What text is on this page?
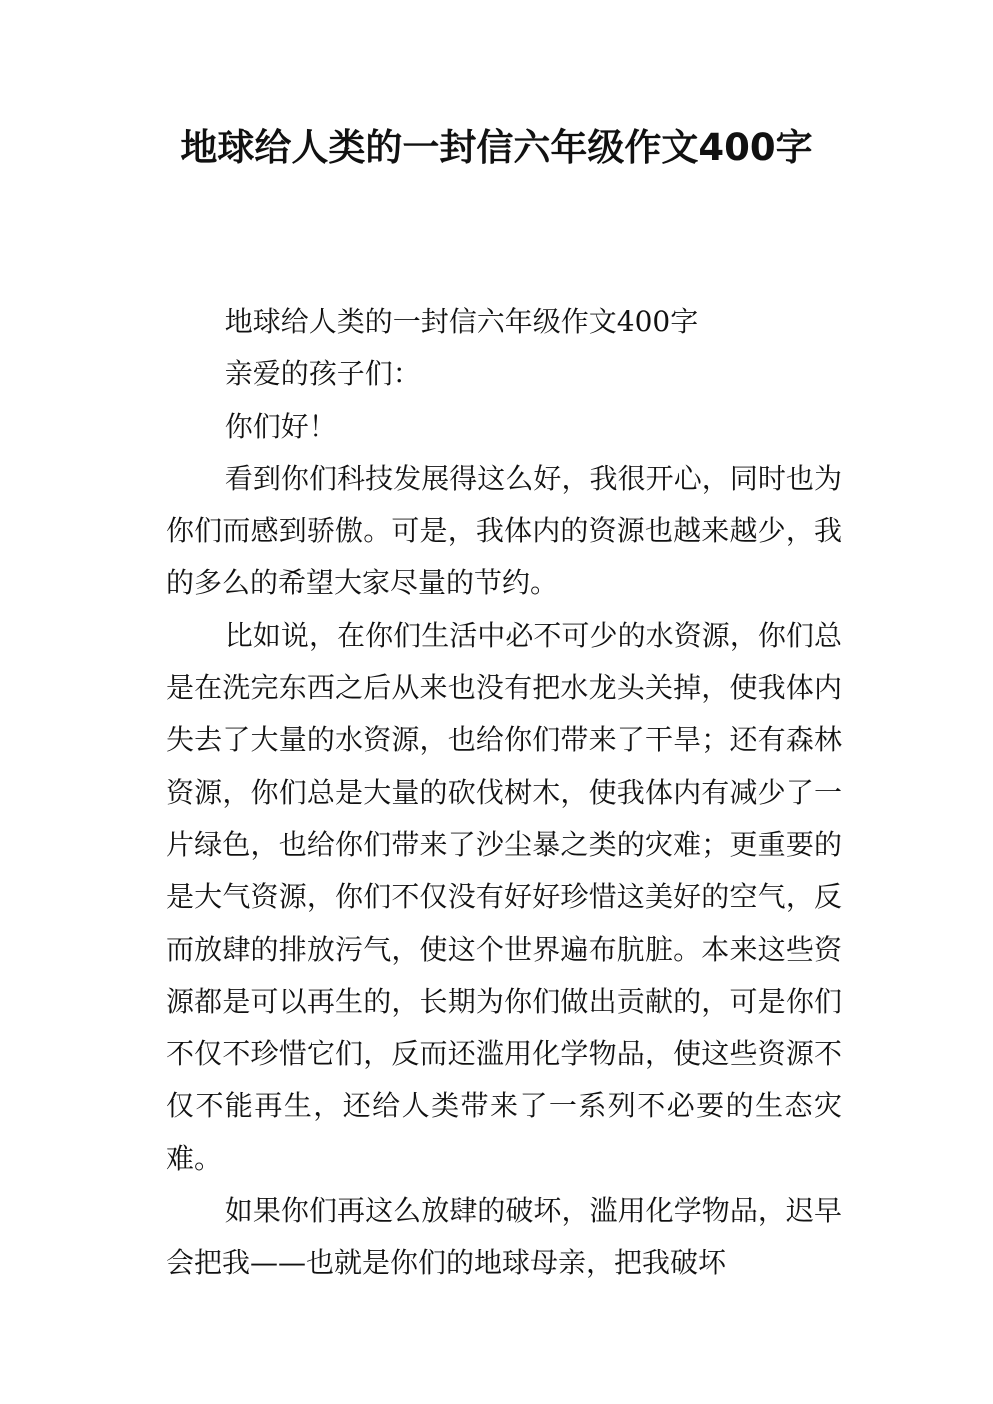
地球给人类的一封信六年级作文400字

地球给人类的一封信六年级作文400字

亲爱的孩子们：

你们好！

看到你们科技发展得这么好，我很开心，同时也为你们而感到骄傲。可是，我体内的资源也越来越少，我的多么的希望大家尽量的节约。

比如说，在你们生活中必不可少的水资源，你们总是在洗完东西之后从来也没有把水龙头关掉，使我体内失去了大量的水资源，也给你们带来了干旱；还有森林资源，你们总是大量的砍伐树木，使我体内有减少了一片绿色，也给你们带来了沙尘暴之类的灾难；更重要的是大气资源，你们不仅没有好好珍惜这美好的空气，反而放肆的排放污气，使这个世界遍布肮脏。本来这些资源都是可以再生的，长期为你们做出贡献的，可是你们不仅不珍惜它们，反而还滥用化学物品，使这些资源不仅不能再生，还给人类带来了一系列不必要的生态灾难。

如果你们再这么放肆的破坏，滥用化学物品，迟早会把我——也就是你们的地球母亲，把我破坏
